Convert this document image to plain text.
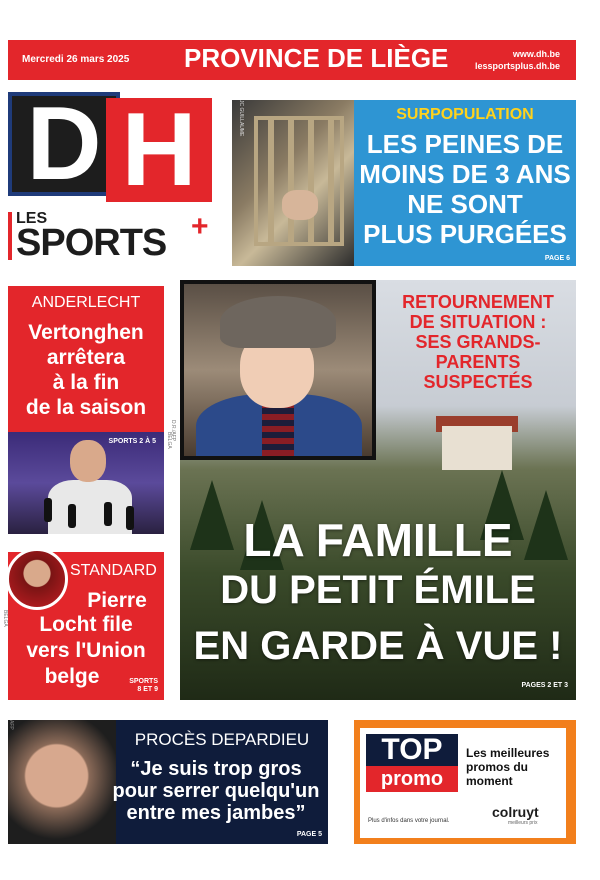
Mercredi 26 mars 2025 PROVINCE DE LIÈGE	www.dh.be
lessportsplus.dh.be
D H
LES
SPORTS +
JC GUILLAUME	SURPOPULATION
LES PEINES DE
MOINS DE 3 ANS
NE SONT
PLUS PURGÉES
PAGE 6
ANDERLECHT
Vertonghen
arrêtera
à la fin
de la saison
SPORTS 2 À 5 BELGA
STANDARD
Pierre
Locht file
vers l'Union
belge	SPORTS
8 ET 9
BELGA
RETOURNEMENT
DE SITUATION :
SES GRANDS-
PARENTS SUSPECTÉS
D.R./AFP
LA FAMILLE
DU PETIT ÉMILE
EN GARDE À VUE !
PAGES 2 ET 3
AFP
PROCÈS DEPARDIEU
“Je suis trop gros
pour serrer quelqu'un
entre mes jambes”
PAGE 5
TOP
promo
Les meilleures promos du moment
colruyt
meilleurs prix
Plus d'infos dans votre journal.
